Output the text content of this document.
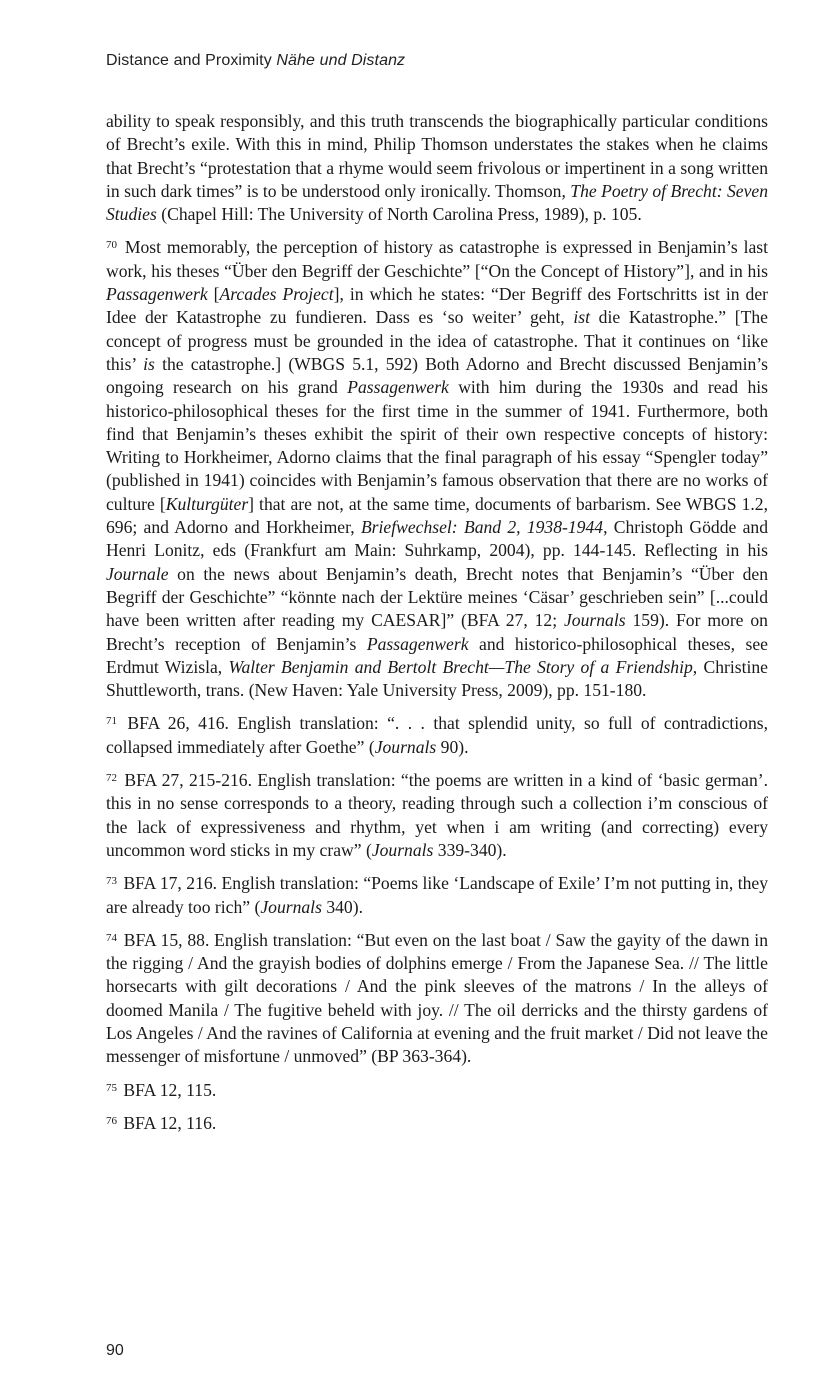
Distance and Proximity Nähe und Distanz

ability to speak responsibly, and this truth transcends the biographically particular conditions of Brecht’s exile. With this in mind, Philip Thomson understates the stakes when he claims that Brecht’s “protestation that a rhyme would seem frivolous or impertinent in a song written in such dark times” is to be understood only ironically. Thomson, The Poetry of Brecht: Seven Studies (Chapel Hill: The University of North Carolina Press, 1989), p. 105.

$^{70}$ Most memorably, the perception of history as catastrophe is expressed in Benjamin’s last work, his theses “Über den Begriff der Geschichte” [“On the Concept of History”], and in his Passagenwerk [Arcades Project], in which he states: “Der Begriff des Fortschritts ist in der Idee der Katastrophe zu fundieren. Dass es ‘so weiter’ geht, ist die Katastrophe.” [The concept of progress must be grounded in the idea of catastrophe. That it continues on ‘like this’ is the catastrophe.] (WBGS 5.1, 592) Both Adorno and Brecht discussed Benjamin’s ongoing research on his grand Passagenwerk with him during the 1930s and read his historico-philosophical theses for the first time in the summer of 1941. Furthermore, both find that Benjamin’s theses exhibit the spirit of their own respective concepts of history: Writing to Horkheimer, Adorno claims that the final paragraph of his essay “Spengler today” (published in 1941) coincides with Benjamin’s famous observation that there are no works of culture [Kulturgüter] that are not, at the same time, documents of barbarism. See WBGS 1.2, 696; and Adorno and Horkheimer, Briefwechsel: Band 2, 1938-1944, Christoph Gödde and Henri Lonitz, eds (Frankfurt am Main: Suhrkamp, 2004), pp. 144-145. Reflecting in his Journale on the news about Benjamin’s death, Brecht notes that Benjamin’s “Über den Begriff der Geschichte” “könnte nach der Lektüre meines ‘Cäsar’ geschrieben sein” [...could have been written after reading my CAESAR]” (BFA 27, 12; Journals 159). For more on Brecht’s reception of Benjamin’s Passagenwerk and historico-philosophical theses, see Erdmut Wizisla, Walter Benjamin and Bertolt Brecht—The Story of a Friendship, Christine Shuttleworth, trans. (New Haven: Yale University Press, 2009), pp. 151-180.

$^{71}$ BFA 26, 416. English translation: “. . . that splendid unity, so full of contradictions, collapsed immediately after Goethe” (Journals 90).

$^{72}$ BFA 27, 215-216. English translation: “the poems are written in a kind of ‘basic german’. this in no sense corresponds to a theory, reading through such a collection i’m conscious of the lack of expressiveness and rhythm, yet when i am writing (and correcting) every uncommon word sticks in my craw” (Journals 339-340).

$^{73}$ BFA 17, 216. English translation: “Poems like ‘Landscape of Exile’ I’m not putting in, they are already too rich” (Journals 340).

$^{74}$ BFA 15, 88. English translation: “But even on the last boat / Saw the gayity of the dawn in the rigging / And the grayish bodies of dolphins emerge / From the Japanese Sea. // The little horsecarts with gilt decorations / And the pink sleeves of the matrons / In the alleys of doomed Manila / The fugitive beheld with joy. // The oil derricks and the thirsty gardens of Los Angeles / And the ravines of California at evening and the fruit market / Did not leave the messenger of misfortune / unmoved” (BP 363-364).

$^{75}$ BFA 12, 115.

$^{76}$ BFA 12, 116.

90
